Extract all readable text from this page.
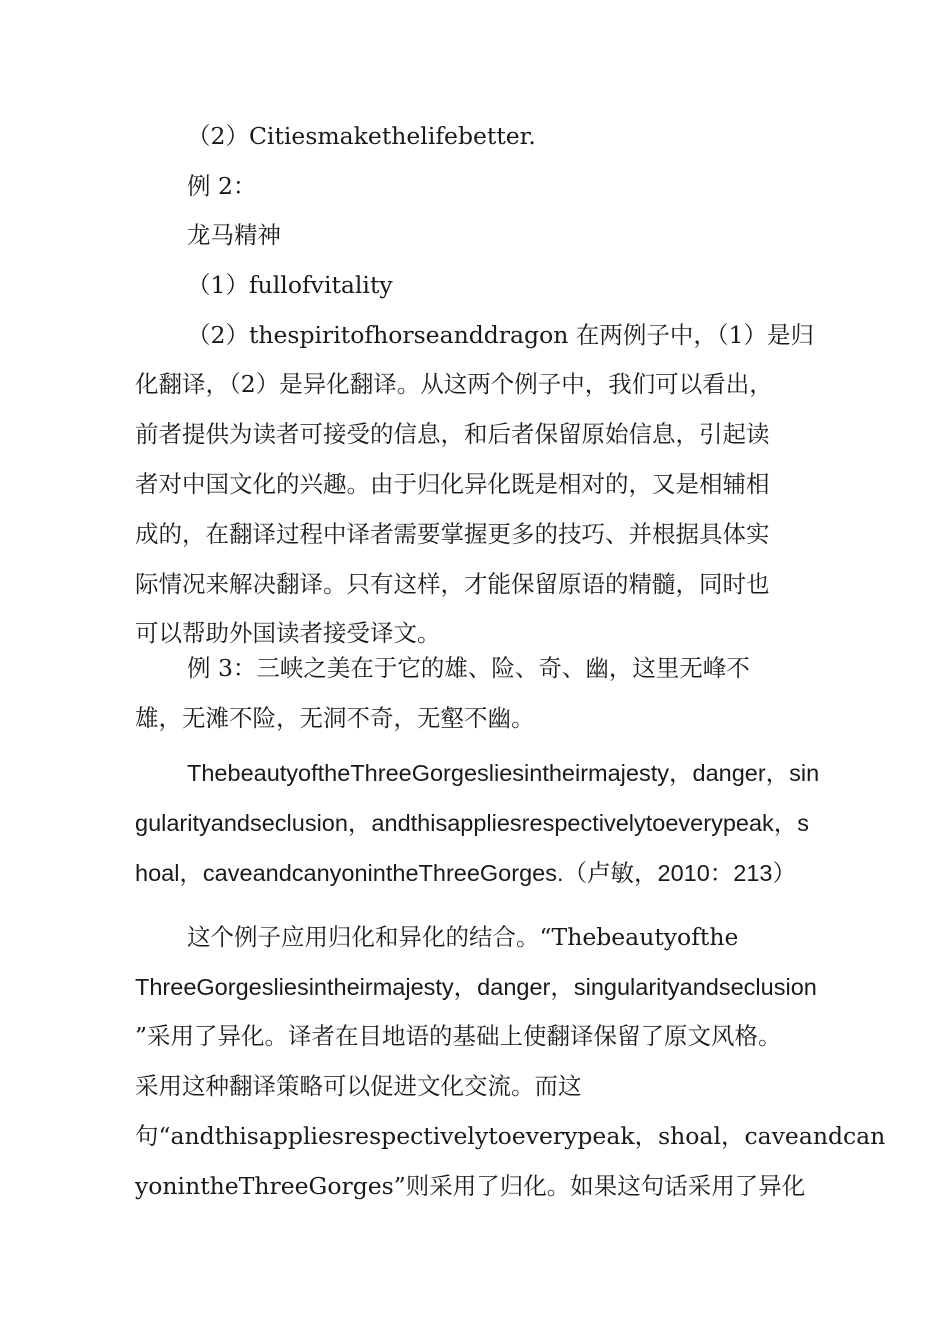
（2）Citiesmakethelifebetter.
例 2：
龙马精神
（1）fullofvitality
（2）thespiritofhorseanddragon 在两例子中，（1）是归
化翻译，（2）是异化翻译。从这两个例子中，我们可以看出，
前者提供为读者可接受的信息，和后者保留原始信息，引起读
者对中国文化的兴趣。由于归化异化既是相对的，又是相辅相
成的，在翻译过程中译者需要掌握更多的技巧、并根据具体实
际情况来解决翻译。只有这样，才能保留原语的精髓，同时也
可以帮助外国读者接受译文。
例 3：三峡之美在于它的雄、险、奇、幽，这里无峰不
雄，无滩不险，无洞不奇，无壑不幽。
ThebeautyoftheThreeGorgesliesintheirmajesty，danger，sin
gularityandseclusion，andthisappliesrespectivelytoeverypeak，s
hoal，caveandcanyonintheThreeGorges.（卢敏，2010：213）
这个例子应用归化和异化的结合。“Thebeautyofthe
ThreeGorgesliesintheirmajesty，danger，singularityandseclusion
”采用了异化。译者在目地语的基础上使翻译保留了原文风格。
采用这种翻译策略可以促进文化交流。而这
句“andthisappliesrespectivelytoeverypeak，shoal，caveandcan
yonintheThreeGorges”则采用了归化。如果这句话采用了异化
